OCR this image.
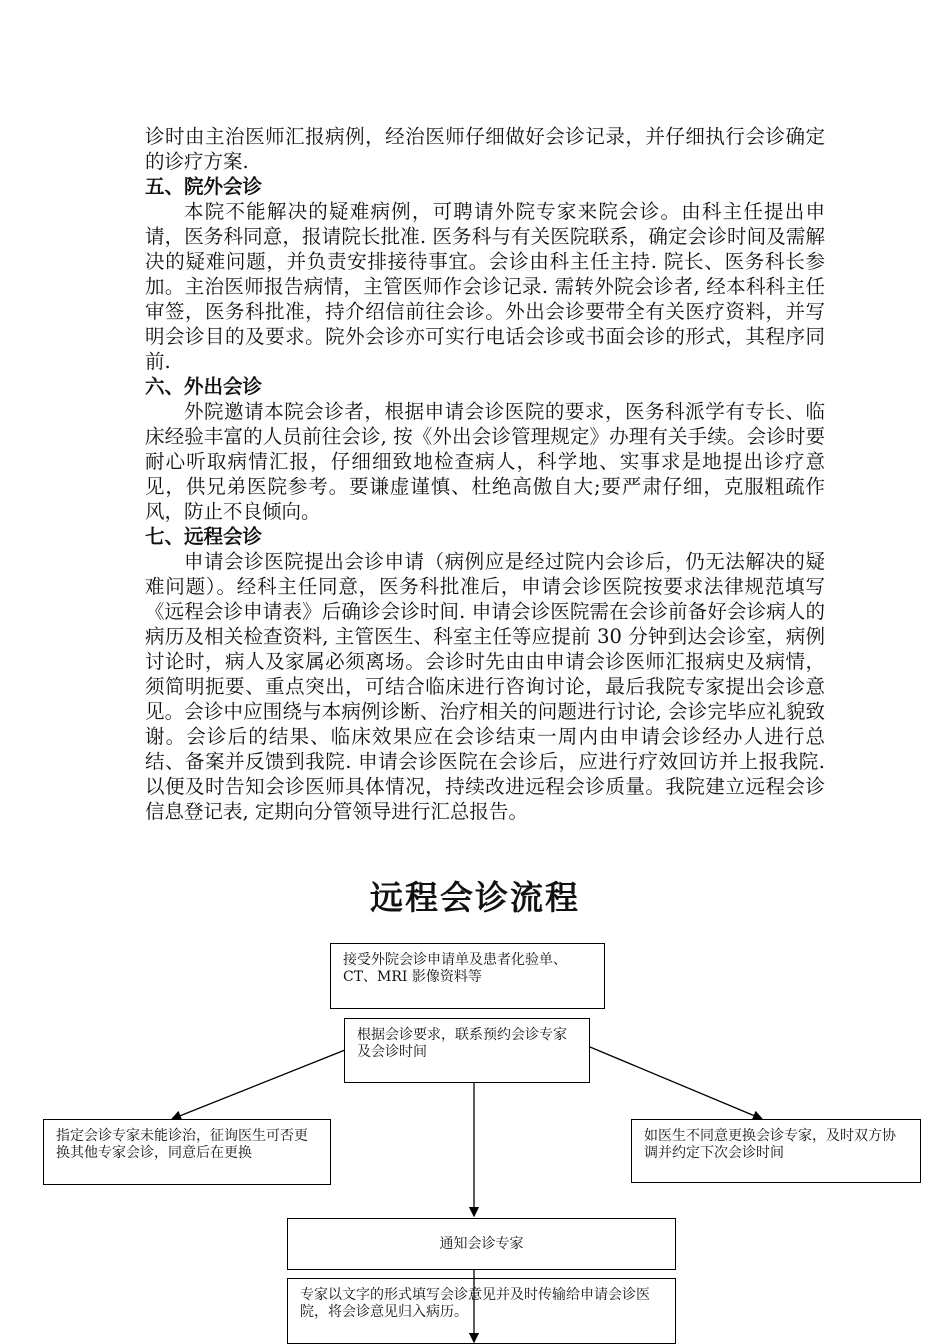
诊时由主治医师汇报病例，经治医师仔细做好会诊记录，并仔细执行会诊确定的诊疗方案.

五、院外会诊

本院不能解决的疑难病例，可聘请外院专家来院会诊。由科主任提出申请，医务科同意，报请院长批准. 医务科与有关医院联系，确定会诊时间及需解决的疑难问题，并负责安排接待事宜。会诊由科主任主持. 院长、医务科长参加。主治医师报告病情，主管医师作会诊记录. 需转外院会诊者, 经本科科主任审签，医务科批准，持介绍信前往会诊。外出会诊要带全有关医疗资料，并写明会诊目的及要求。院外会诊亦可实行电话会诊或书面会诊的形式，其程序同前.

六、外出会诊

外院邀请本院会诊者，根据申请会诊医院的要求，医务科派学有专长、临床经验丰富的人员前往会诊, 按《外出会诊管理规定》办理有关手续。会诊时要耐心听取病情汇报，仔细细致地检查病人，科学地、实事求是地提出诊疗意见，供兄弟医院参考。要谦虚谨慎、杜绝高傲自大;要严肃仔细，克服粗疏作风，防止不良倾向。

七、远程会诊

申请会诊医院提出会诊申请（病例应是经过院内会诊后，仍无法解决的疑难问题）。经科主任同意，医务科批准后，申请会诊医院按要求法律规范填写《远程会诊申请表》后确诊会诊时间. 申请会诊医院需在会诊前备好会诊病人的病历及相关检查资料, 主管医生、科室主任等应提前 30 分钟到达会诊室，病例讨论时，病人及家属必须离场。会诊时先由由申请会诊医师汇报病史及病情，须简明扼要、重点突出，可结合临床进行咨询讨论，最后我院专家提出会诊意见。会诊中应围绕与本病例诊断、治疗相关的问题进行讨论, 会诊完毕应礼貌致谢。会诊后的结果、临床效果应在会诊结束一周内由申请会诊经办人进行总结、备案并反馈到我院. 申请会诊医院在会诊后，应进行疗效回访并上报我院. 以便及时告知会诊医师具体情况，持续改进远程会诊质量。我院建立远程会诊信息登记表, 定期向分管领导进行汇总报告。

远程会诊流程
接受外院会诊申请单及患者化验单、CT、MRI 影像资料等
根据会诊要求，联系预约会诊专家及会诊时间
指定会诊专家未能诊治，征询医生可否更换其他专家会诊，同意后在更换
如医生不同意更换会诊专家，及时双方协调并约定下次会诊时间
通知会诊专家
专家以文字的形式填写会诊意见并及时传输给申请会诊医院，将会诊意见归入病历。
